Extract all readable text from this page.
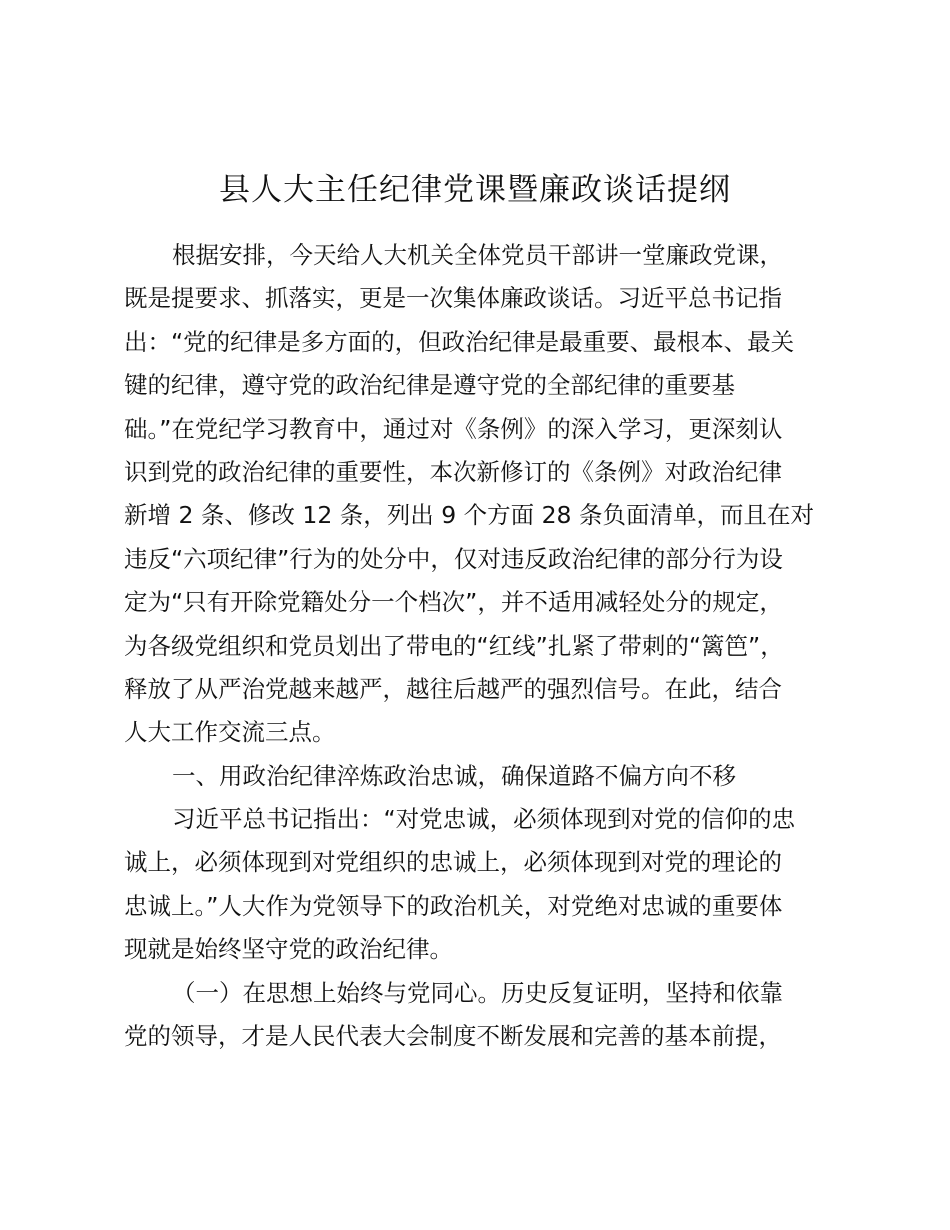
县人大主任纪律党课暨廉政谈话提纲
根据安排，今天给人大机关全体党员干部讲一堂廉政党课，
既是提要求、抓落实，更是一次集体廉政谈话。习近平总书记指
出：“党的纪律是多方面的，但政治纪律是最重要、最根本、最关
键的纪律，遵守党的政治纪律是遵守党的全部纪律的重要基
础。”在党纪学习教育中，通过对《条例》的深入学习，更深刻认
识到党的政治纪律的重要性，本次新修订的《条例》对政治纪律
新增 2 条、修改 12 条，列出 9 个方面 28 条负面清单，而且在对
违反“六项纪律”行为的处分中，仅对违反政治纪律的部分行为设
定为“只有开除党籍处分一个档次”，并不适用减轻处分的规定，
为各级党组织和党员划出了带电的“红线”扎紧了带刺的“篱笆”，
释放了从严治党越来越严，越往后越严的强烈信号。在此，结合
人大工作交流三点。
一、用政治纪律淬炼政治忠诚，确保道路不偏方向不移
习近平总书记指出：“对党忠诚，必须体现到对党的信仰的忠
诚上，必须体现到对党组织的忠诚上，必须体现到对党的理论的
忠诚上。”人大作为党领导下的政治机关，对党绝对忠诚的重要体
现就是始终坚守党的政治纪律。
（一）在思想上始终与党同心。历史反复证明，坚持和依靠
党的领导，才是人民代表大会制度不断发展和完善的基本前提，
